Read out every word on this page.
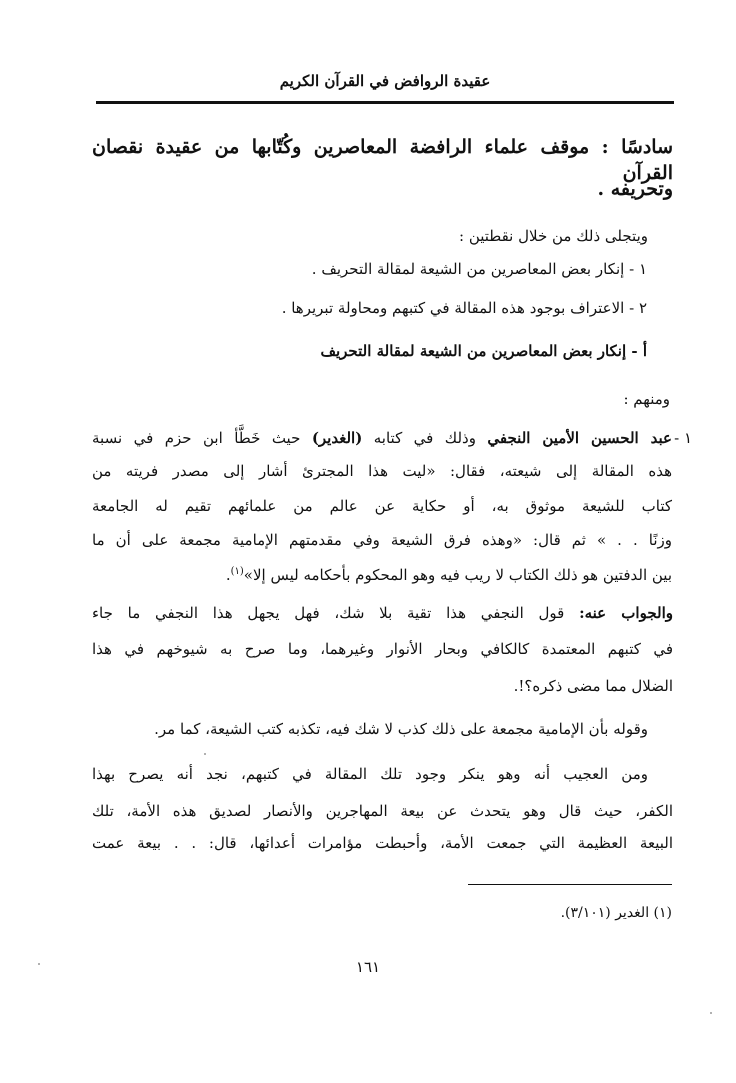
عقيدة الروافض في القرآن الكريم
سادسًا : موقف علماء الرافضة المعاصرين وكُتّابها من عقيدة نقصان القرآن
وتحريفه .
ويتجلى ذلك من خلال نقطتين :
١ - إنكار بعض المعاصرين من الشيعة لمقالة التحريف .
٢ - الاعتراف بوجود هذه المقالة في كتبهم ومحاولة تبريرها .
أ - إنكار بعض المعاصرين من الشيعة لمقالة التحريف
ومنهم :
١ -
عبد الحسين الأمين النجفي وذلك في كتابه (الغدير) حيث خَطَّأ ابن حزم في نسبة
هذه المقالة إلى شيعته، فقال: «ليت هذا المجترئ أشار إلى مصدر فريته من
كتاب للشيعة موثوق به، أو حكاية عن عالم من علمائهم تقيم له الجامعة
وزنًا . . » ثم قال: «وهذه فرق الشيعة وفي مقدمتهم الإمامية مجمعة على أن ما
بين الدفتين هو ذلك الكتاب لا ريب فيه وهو المحكوم بأحكامه ليس إلا»$^{(١)}$.
والجواب عنه: قول النجفي هذا تقية بلا شك، فهل يجهل هذا النجفي ما جاء
في كتبهم المعتمدة كالكافي وبحار الأنوار وغيرهما، وما صرح به شيوخهم في هذا
الضلال مما مضى ذكره؟!.
وقوله بأن الإمامية مجمعة على ذلك كذب لا شك فيه، تكذبه كتب الشيعة، كما مر.
ومن العجيب أنه وهو ينكر وجود تلك المقالة في كتبهم، نجد أنه يصرح بهذا
الكفر، حيث قال وهو يتحدث عن بيعة المهاجرين والأنصار لصديق هذه الأمة، تلك
البيعة العظيمة التي جمعت الأمة، وأحبطت مؤامرات أعدائها، قال: . . بيعة عمت
(١) الغدير (٣/١٠١).
١٦١
